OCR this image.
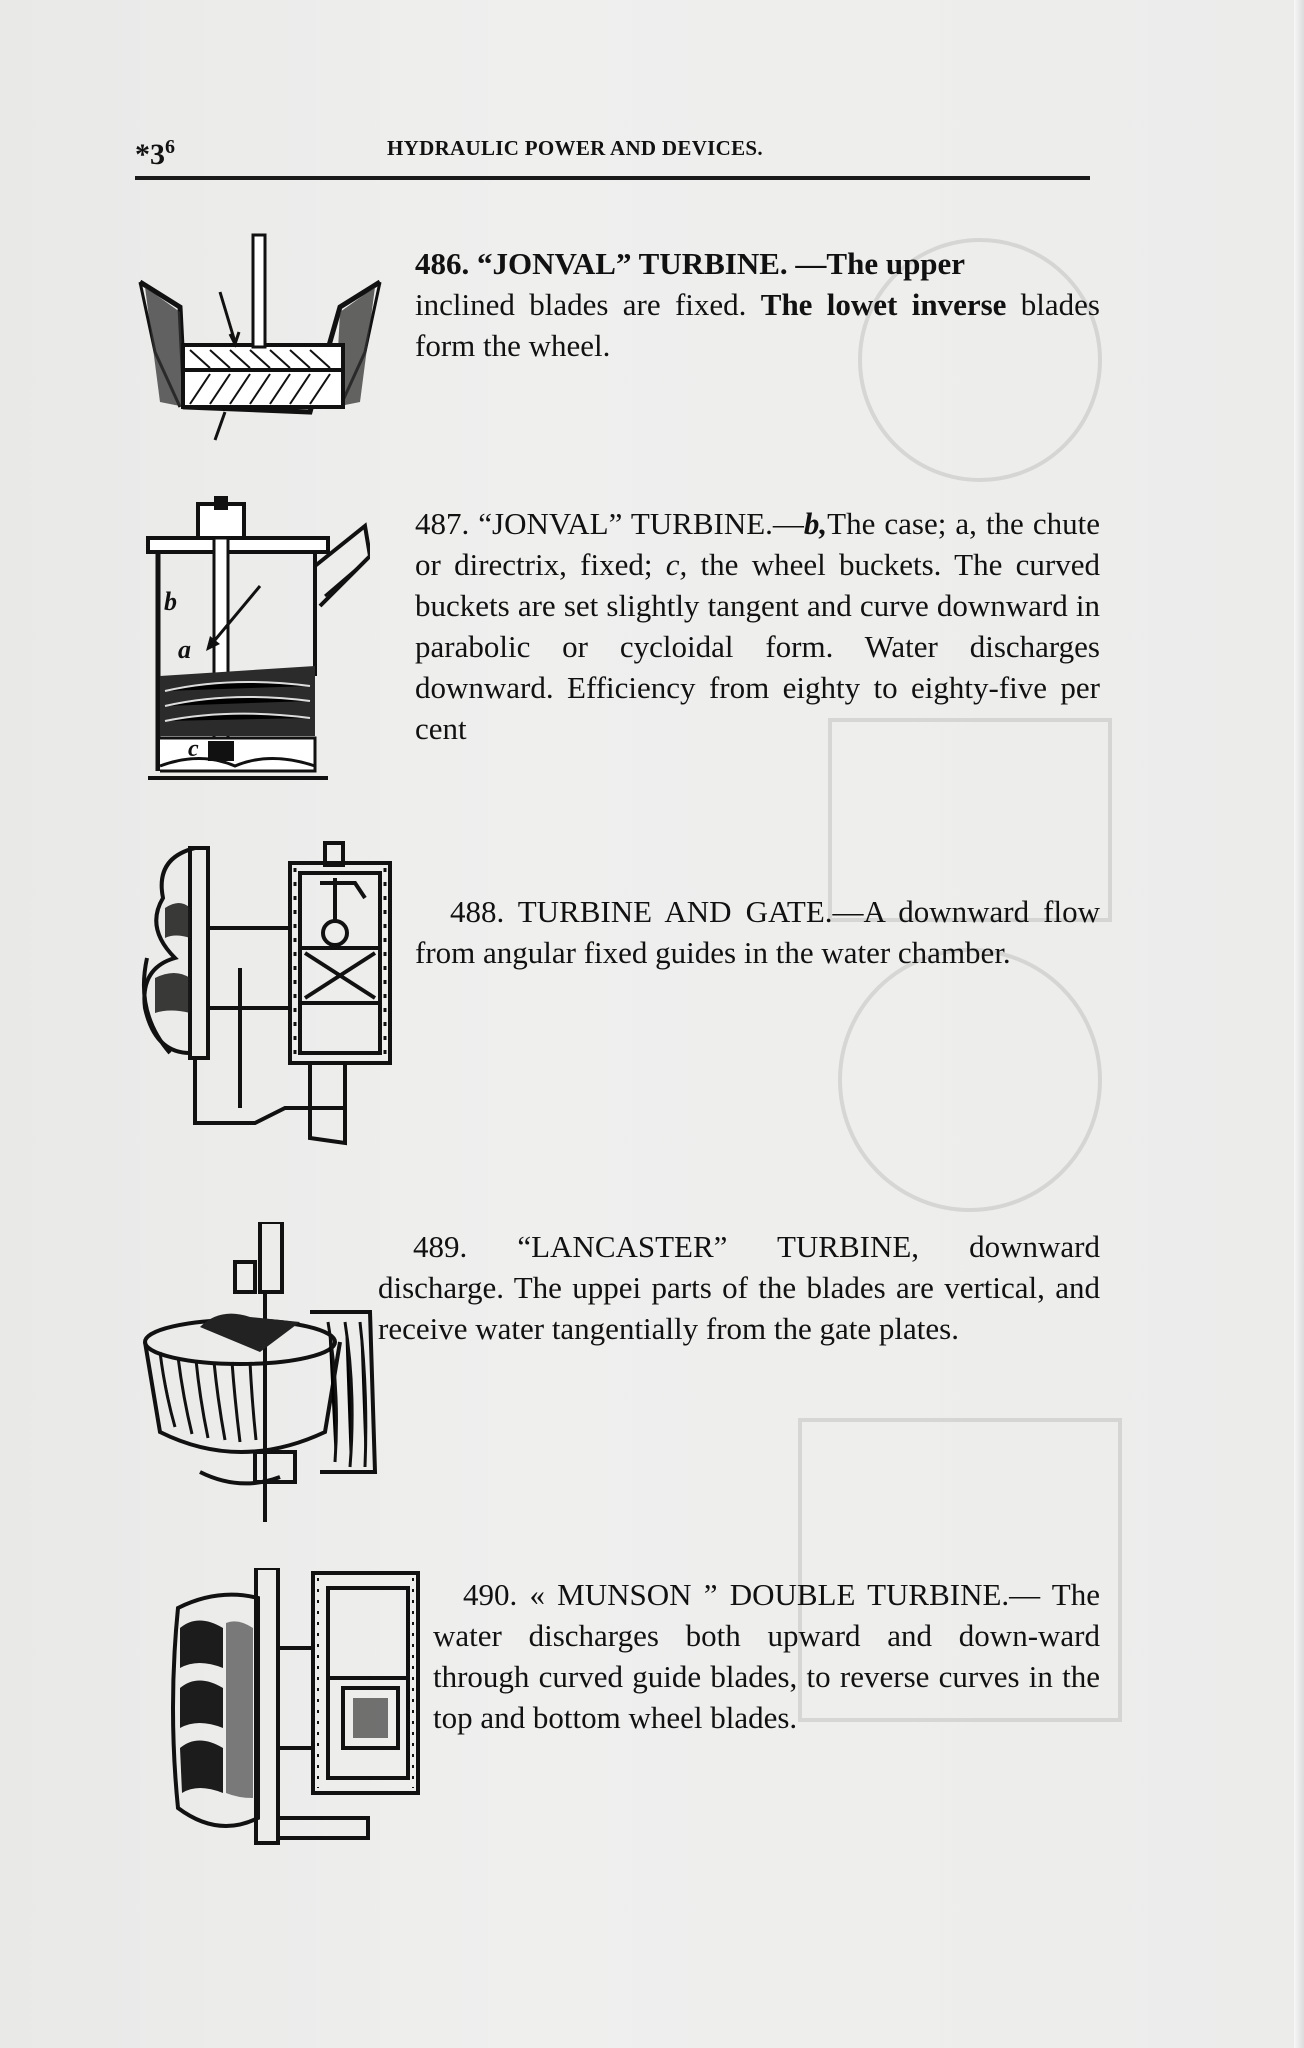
$*3^6$	HYDRAULIC POWER AND DEVICES.
486. “JONVAL” TURBINE. —The upper
inclined blades are fixed. The lowet inverse blades form the wheel.
b
a
c
487. “JONVAL” TURBINE.—b,The case; a, the chute or directrix, fixed; c, the wheel buckets. The curved buckets are set slightly tangent and curve downward in parabolic or cycloidal form. Water discharges downward. Efficiency from eighty to eighty-five per cent
488. TURBINE AND GATE.—A downward flow from angular fixed guides in the water chamber.
489. “LANCASTER” TURBINE, downward discharge. The uppei parts of the blades are vertical, and receive water tangentially from the gate plates.
490. « MUNSON ” DOUBLE TURBINE.— The water discharges both upward and down-ward through curved guide blades, to reverse curves in the top and bottom wheel blades.
